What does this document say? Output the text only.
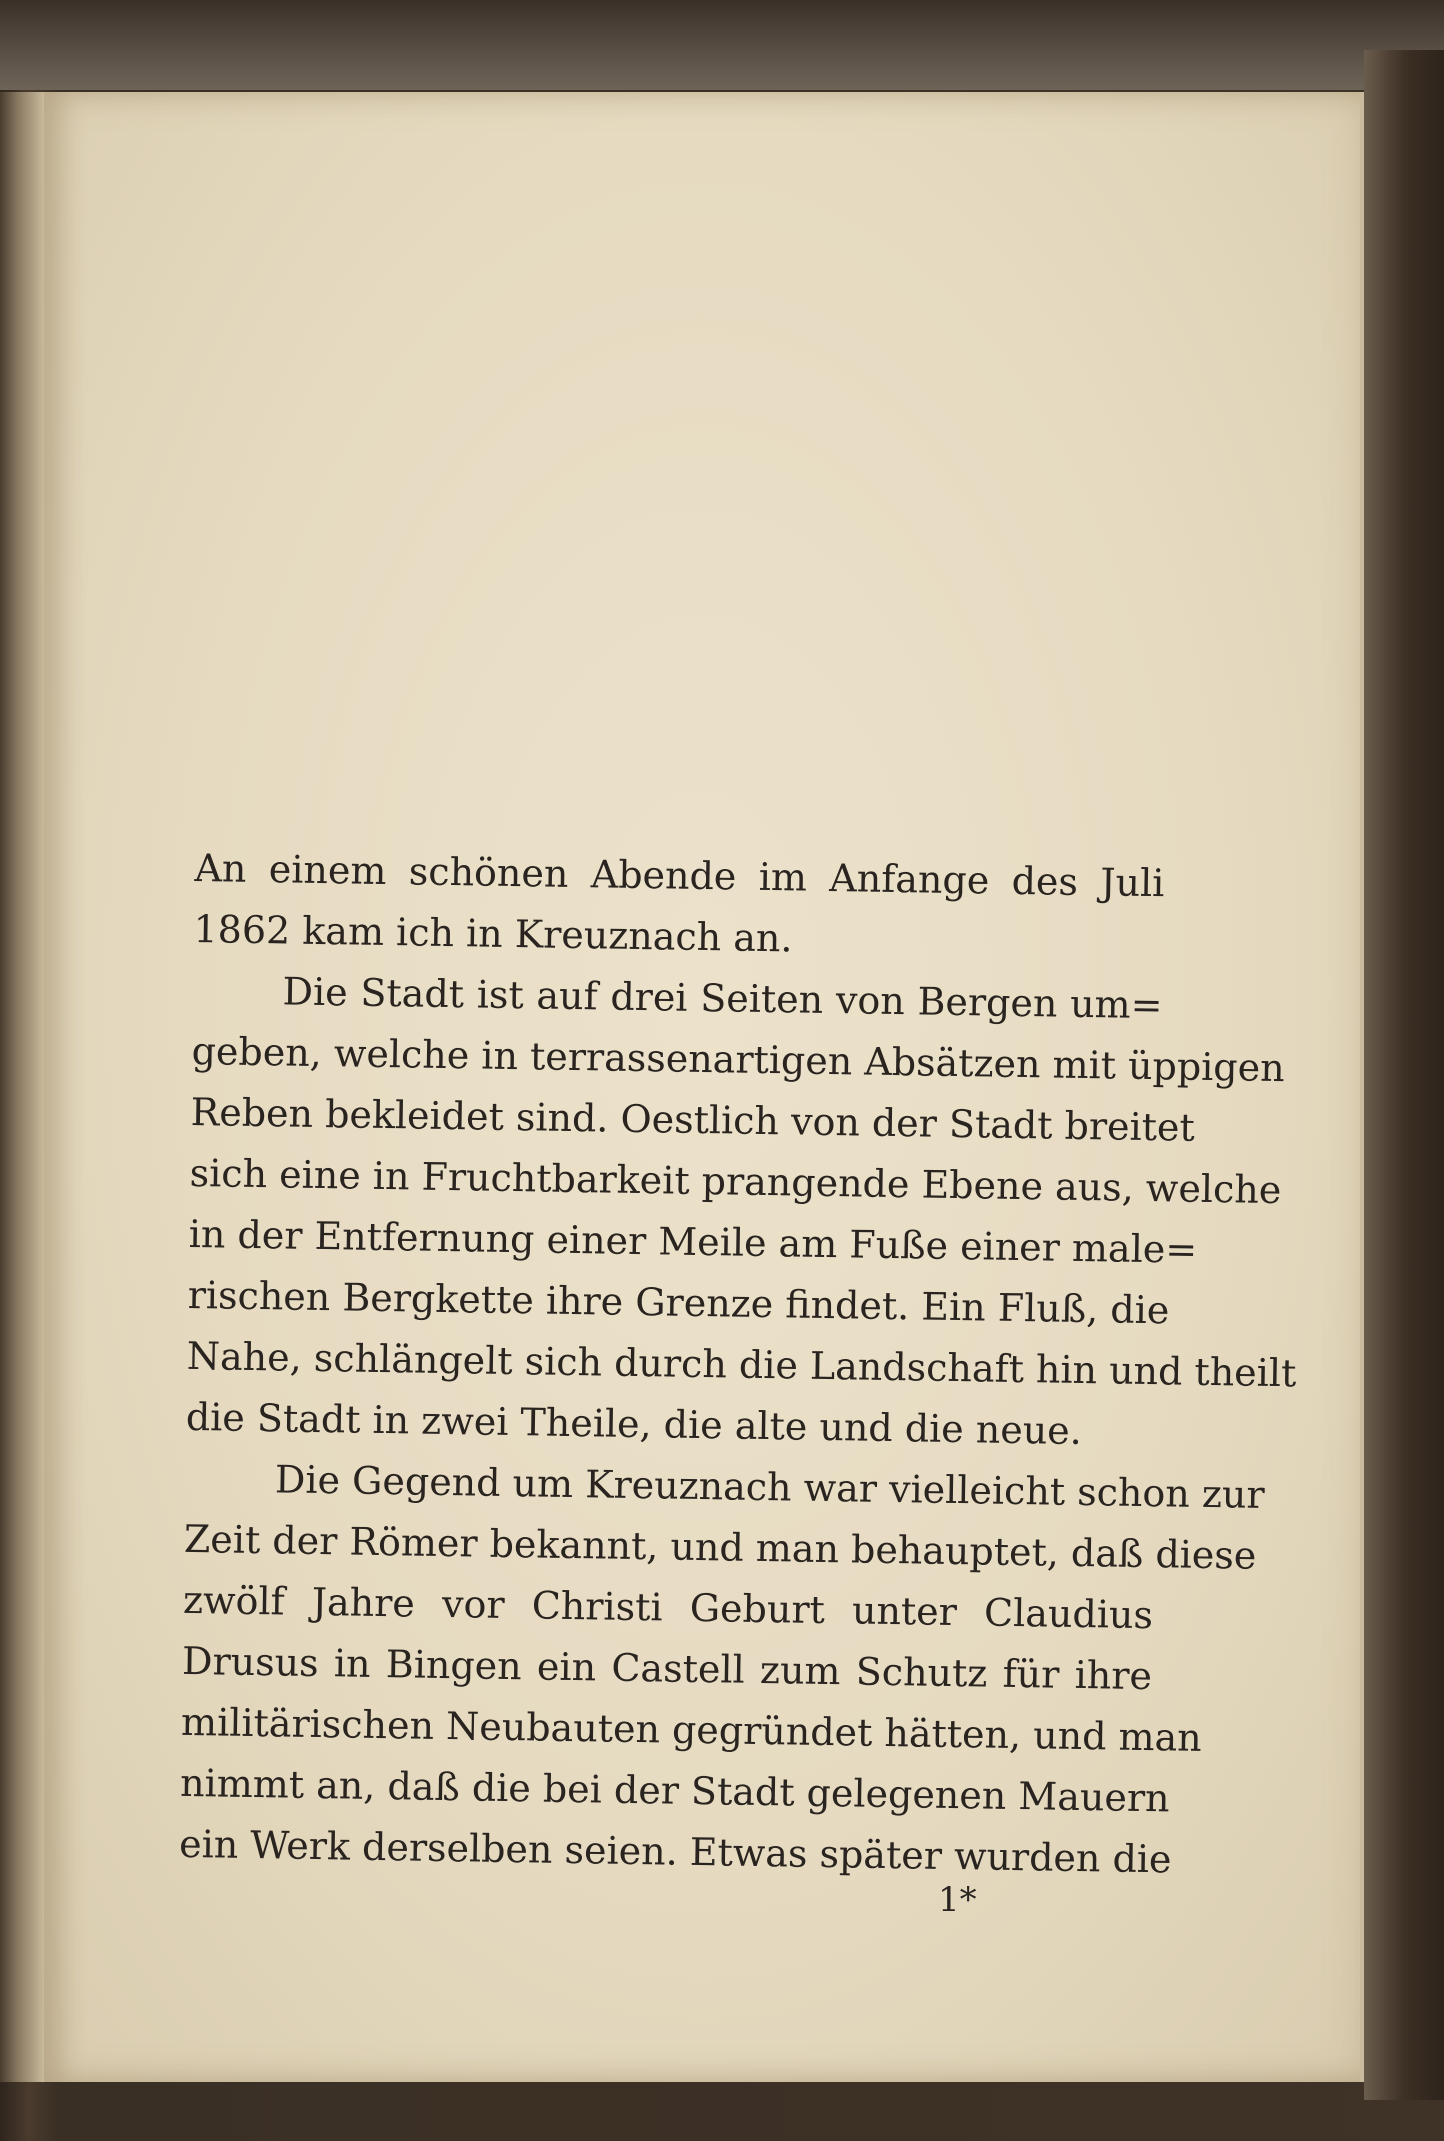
An einem schönen Abende im Anfange des Juli
1862 kam ich in Kreuznach an.

Die Stadt ist auf drei Seiten von Bergen um=
geben, welche in terrassenartigen Absätzen mit üppigen
Reben bekleidet sind. Oestlich von der Stadt breitet
sich eine in Fruchtbarkeit prangende Ebene aus, welche
in der Entfernung einer Meile am Fuße einer male=
rischen Bergkette ihre Grenze findet. Ein Fluß, die
Nahe, schlängelt sich durch die Landschaft hin und theilt
die Stadt in zwei Theile, die alte und die neue.

Die Gegend um Kreuznach war vielleicht schon zur
Zeit der Römer bekannt, und man behauptet, daß diese
zwölf Jahre vor Christi Geburt unter Claudius
Drusus in Bingen ein Castell zum Schutz für ihre
militärischen Neubauten gegründet hätten, und man
nimmt an, daß die bei der Stadt gelegenen Mauern
ein Werk derselben seien. Etwas später wurden die

1*
